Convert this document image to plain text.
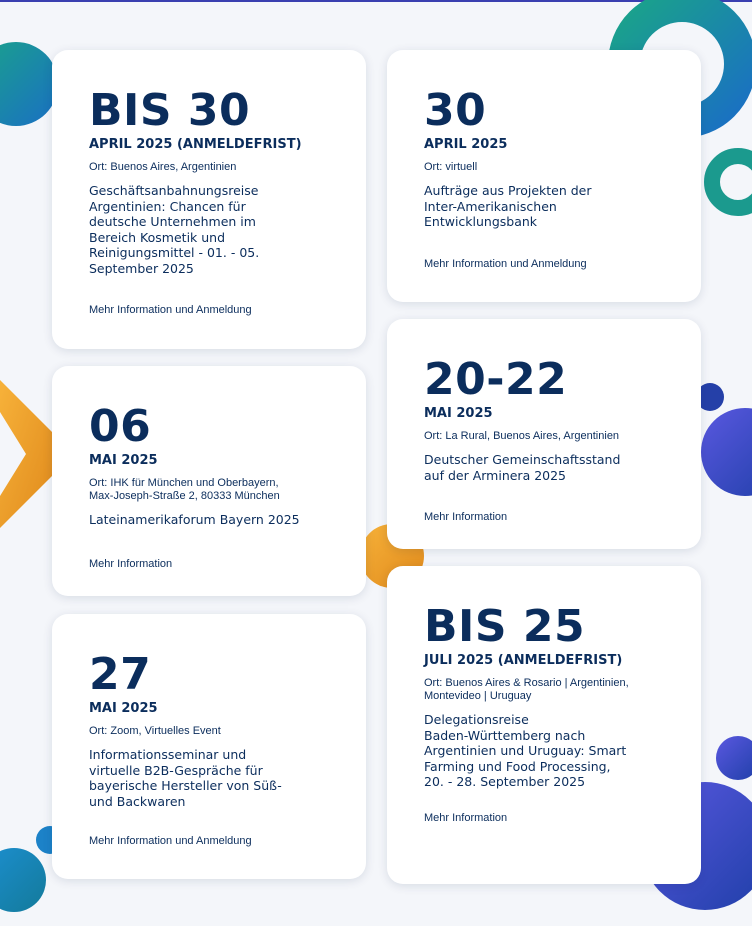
BIS 30
APRIL 2025 (ANMELDEFRIST)
Ort: Buenos Aires, Argentinien
Geschäftsanbahnungsreise
Argentinien: Chancen für
deutsche Unternehmen im
Bereich Kosmetik und
Reinigungsmittel - 01. - 05.
September 2025
Mehr Information und Anmeldung
30
APRIL 2025
Ort: virtuell
Aufträge aus Projekten der
Inter-Amerikanischen
Entwicklungsbank
Mehr Information und Anmeldung
06
MAI 2025
Ort: IHK für München und Oberbayern,
Max-Joseph-Straße 2, 80333 München
Lateinamerikaforum Bayern 2025
Mehr Information
20-22
MAI 2025
Ort: La Rural, Buenos Aires, Argentinien
Deutscher Gemeinschaftsstand
auf der Arminera 2025
Mehr Information
27
MAI 2025
Ort: Zoom, Virtuelles Event
Informationsseminar und
virtuelle B2B-Gespräche für
bayerische Hersteller von Süß-
und Backwaren
Mehr Information und Anmeldung
BIS 25
JULI 2025 (ANMELDEFRIST)
Ort: Buenos Aires & Rosario | Argentinien,
Montevideo | Uruguay
Delegationsreise
Baden-Württemberg nach
Argentinien und Uruguay: Smart
Farming und Food Processing,
20. - 28. September 2025
Mehr Information
